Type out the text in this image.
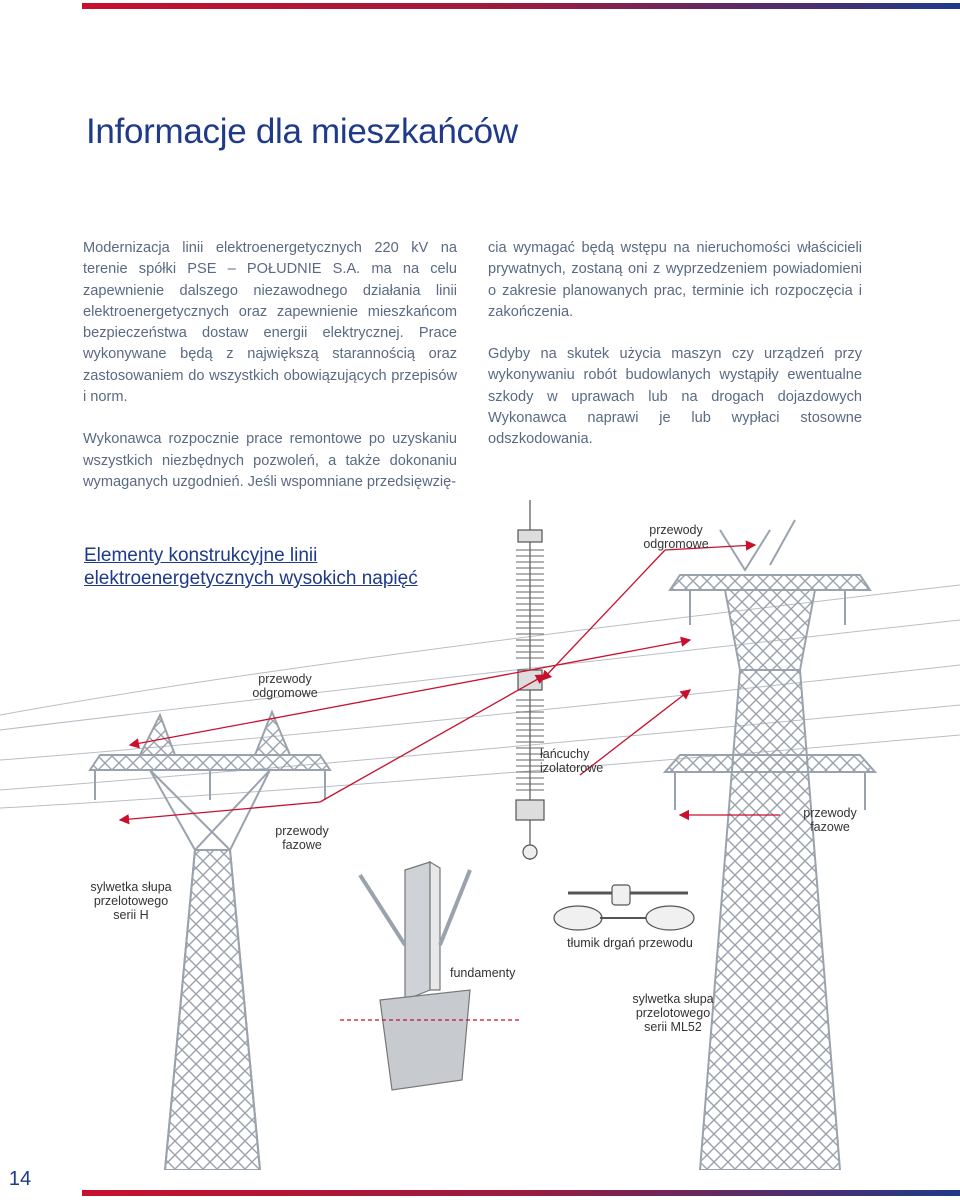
Informacje dla mieszkańców

Modernizacja linii elektroenergetycznych 220 kV na terenie spółki PSE – POŁUDNIE S.A. ma na celu zapewnienie dalszego niezawodnego działania linii elektroenergetycznych oraz zapewnienie mieszkańcom bezpieczeństwa dostaw energii elektrycznej. Prace wykonywane będą z największą starannością oraz zastosowaniem do wszystkich obowiązujących przepisów i norm.

Wykonawca rozpocznie prace remontowe po uzyskaniu wszystkich niezbędnych pozwoleń, a także dokonaniu wymaganych uzgodnień. Jeśli wspomniane przedsięwzię-

cia wymagać będą wstępu na nieruchomości właścicieli prywatnych, zostaną oni z wyprzedzeniem powiadomieni o zakresie planowanych prac, terminie ich rozpoczęcia i zakończenia.

Gdyby na skutek użycia maszyn czy urządzeń przy wykonywaniu robót budowlanych wystąpiły ewentualne szkody w uprawach lub na drogach dojazdowych Wykonawca naprawi je lub wypłaci stosowne odszkodowania.

Elementy konstrukcyjne linii
elektroenergetycznych wysokich napięć
przewody
odgromowe
przewody
odgromowe
łańcuchy
izolatorowe
przewody
fazowe
przewody
fazowe
sylwetka słupa
przelotowego
serii H
tłumik drgań przewodu
fundamenty
sylwetka słupa
przelotowego
serii ML52
14
